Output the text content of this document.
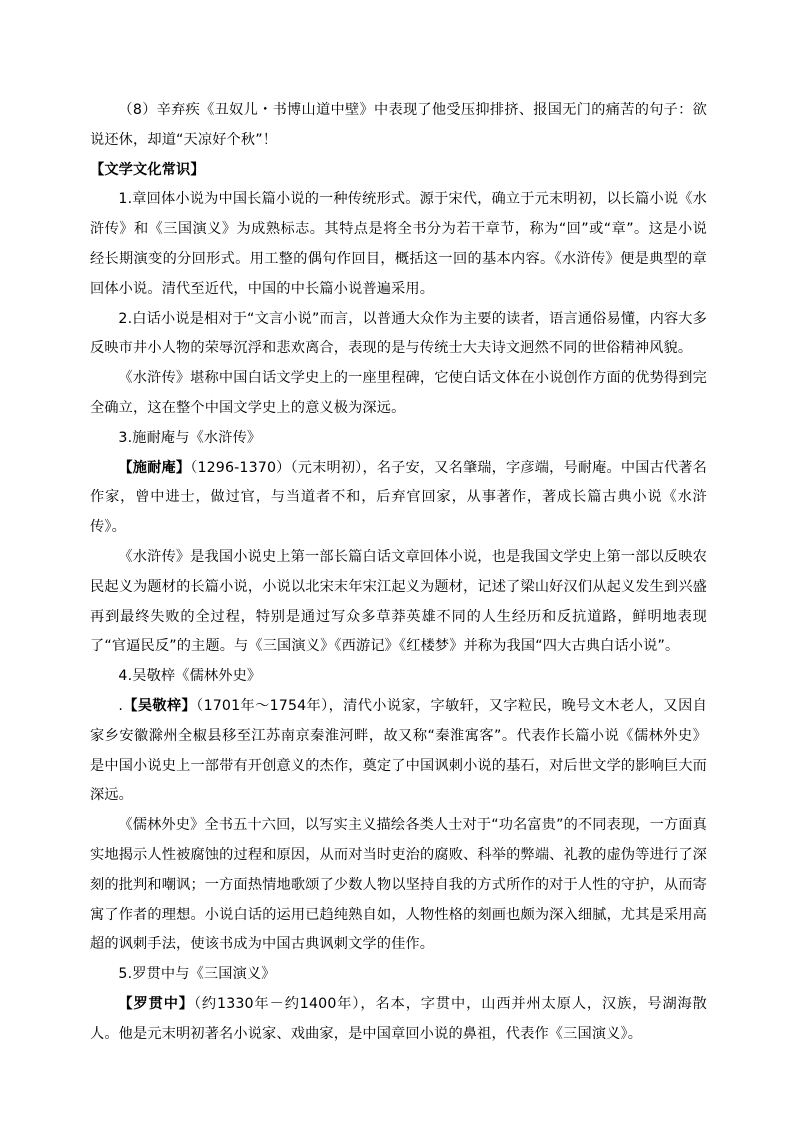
（8）辛弃疾《丑奴儿・书博山道中壁》中表现了他受压抑排挤、报国无门的痛苦的句子：欲说还休，却道“天凉好个秋”！

【文学文化常识】

1.章回体小说为中国长篇小说的一种传统形式。源于宋代，确立于元末明初，以长篇小说《水浒传》和《三国演义》为成熟标志。其特点是将全书分为若干章节，称为“回”或“章”。这是小说经长期演变的分回形式。用工整的偶句作回目，概括这一回的基本内容。《水浒传》便是典型的章回体小说。清代至近代，中国的中长篇小说普遍采用。

2.白话小说是相对于“文言小说”而言，以普通大众作为主要的读者，语言通俗易懂，内容大多反映市井小人物的荣辱沉浮和悲欢离合，表现的是与传统士大夫诗文迥然不同的世俗精神风貌。

《水浒传》堪称中国白话文学史上的一座里程碑，它使白话文体在小说创作方面的优势得到完全确立，这在整个中国文学史上的意义极为深远。

3.施耐庵与《水浒传》

【施耐庵】（1296-1370）（元末明初），名子安，又名肇瑞，字彦端，号耐庵。中国古代著名作家，曾中进士，做过官，与当道者不和，后弃官回家，从事著作，著成长篇古典小说《水浒传》。

《水浒传》是我国小说史上第一部长篇白话文章回体小说，也是我国文学史上第一部以反映农民起义为题材的长篇小说，小说以北宋末年宋江起义为题材，记述了梁山好汉们从起义发生到兴盛再到最终失败的全过程，特别是通过写众多草莽英雄不同的人生经历和反抗道路，鲜明地表现了“官逼民反”的主题。与《三国演义》《西游记》《红楼梦》并称为我国“四大古典白话小说”。

4.吴敬梓《儒林外史》

.【吴敬梓】（1701年～1754年），清代小说家，字敏轩，又字粒民，晚号文木老人，又因自家乡安徽滁州全椒县移至江苏南京秦淮河畔，故又称“秦淮寓客”。代表作长篇小说《儒林外史》是中国小说史上一部带有开创意义的杰作，奠定了中国讽刺小说的基石，对后世文学的影响巨大而深远。

《儒林外史》全书五十六回，以写实主义描绘各类人士对于“功名富贵”的不同表现，一方面真实地揭示人性被腐蚀的过程和原因，从而对当时吏治的腐败、科举的弊端、礼教的虚伪等进行了深刻的批判和嘲讽；一方面热情地歌颂了少数人物以坚持自我的方式所作的对于人性的守护，从而寄寓了作者的理想。小说白话的运用已趋纯熟自如，人物性格的刻画也颇为深入细腻，尤其是采用高超的讽刺手法，使该书成为中国古典讽刺文学的佳作。

5.罗贯中与《三国演义》

【罗贯中】（约1330年－约1400年），名本，字贯中，山西并州太原人，汉族，号湖海散人。他是元末明初著名小说家、戏曲家，是中国章回小说的鼻祖，代表作《三国演义》。
